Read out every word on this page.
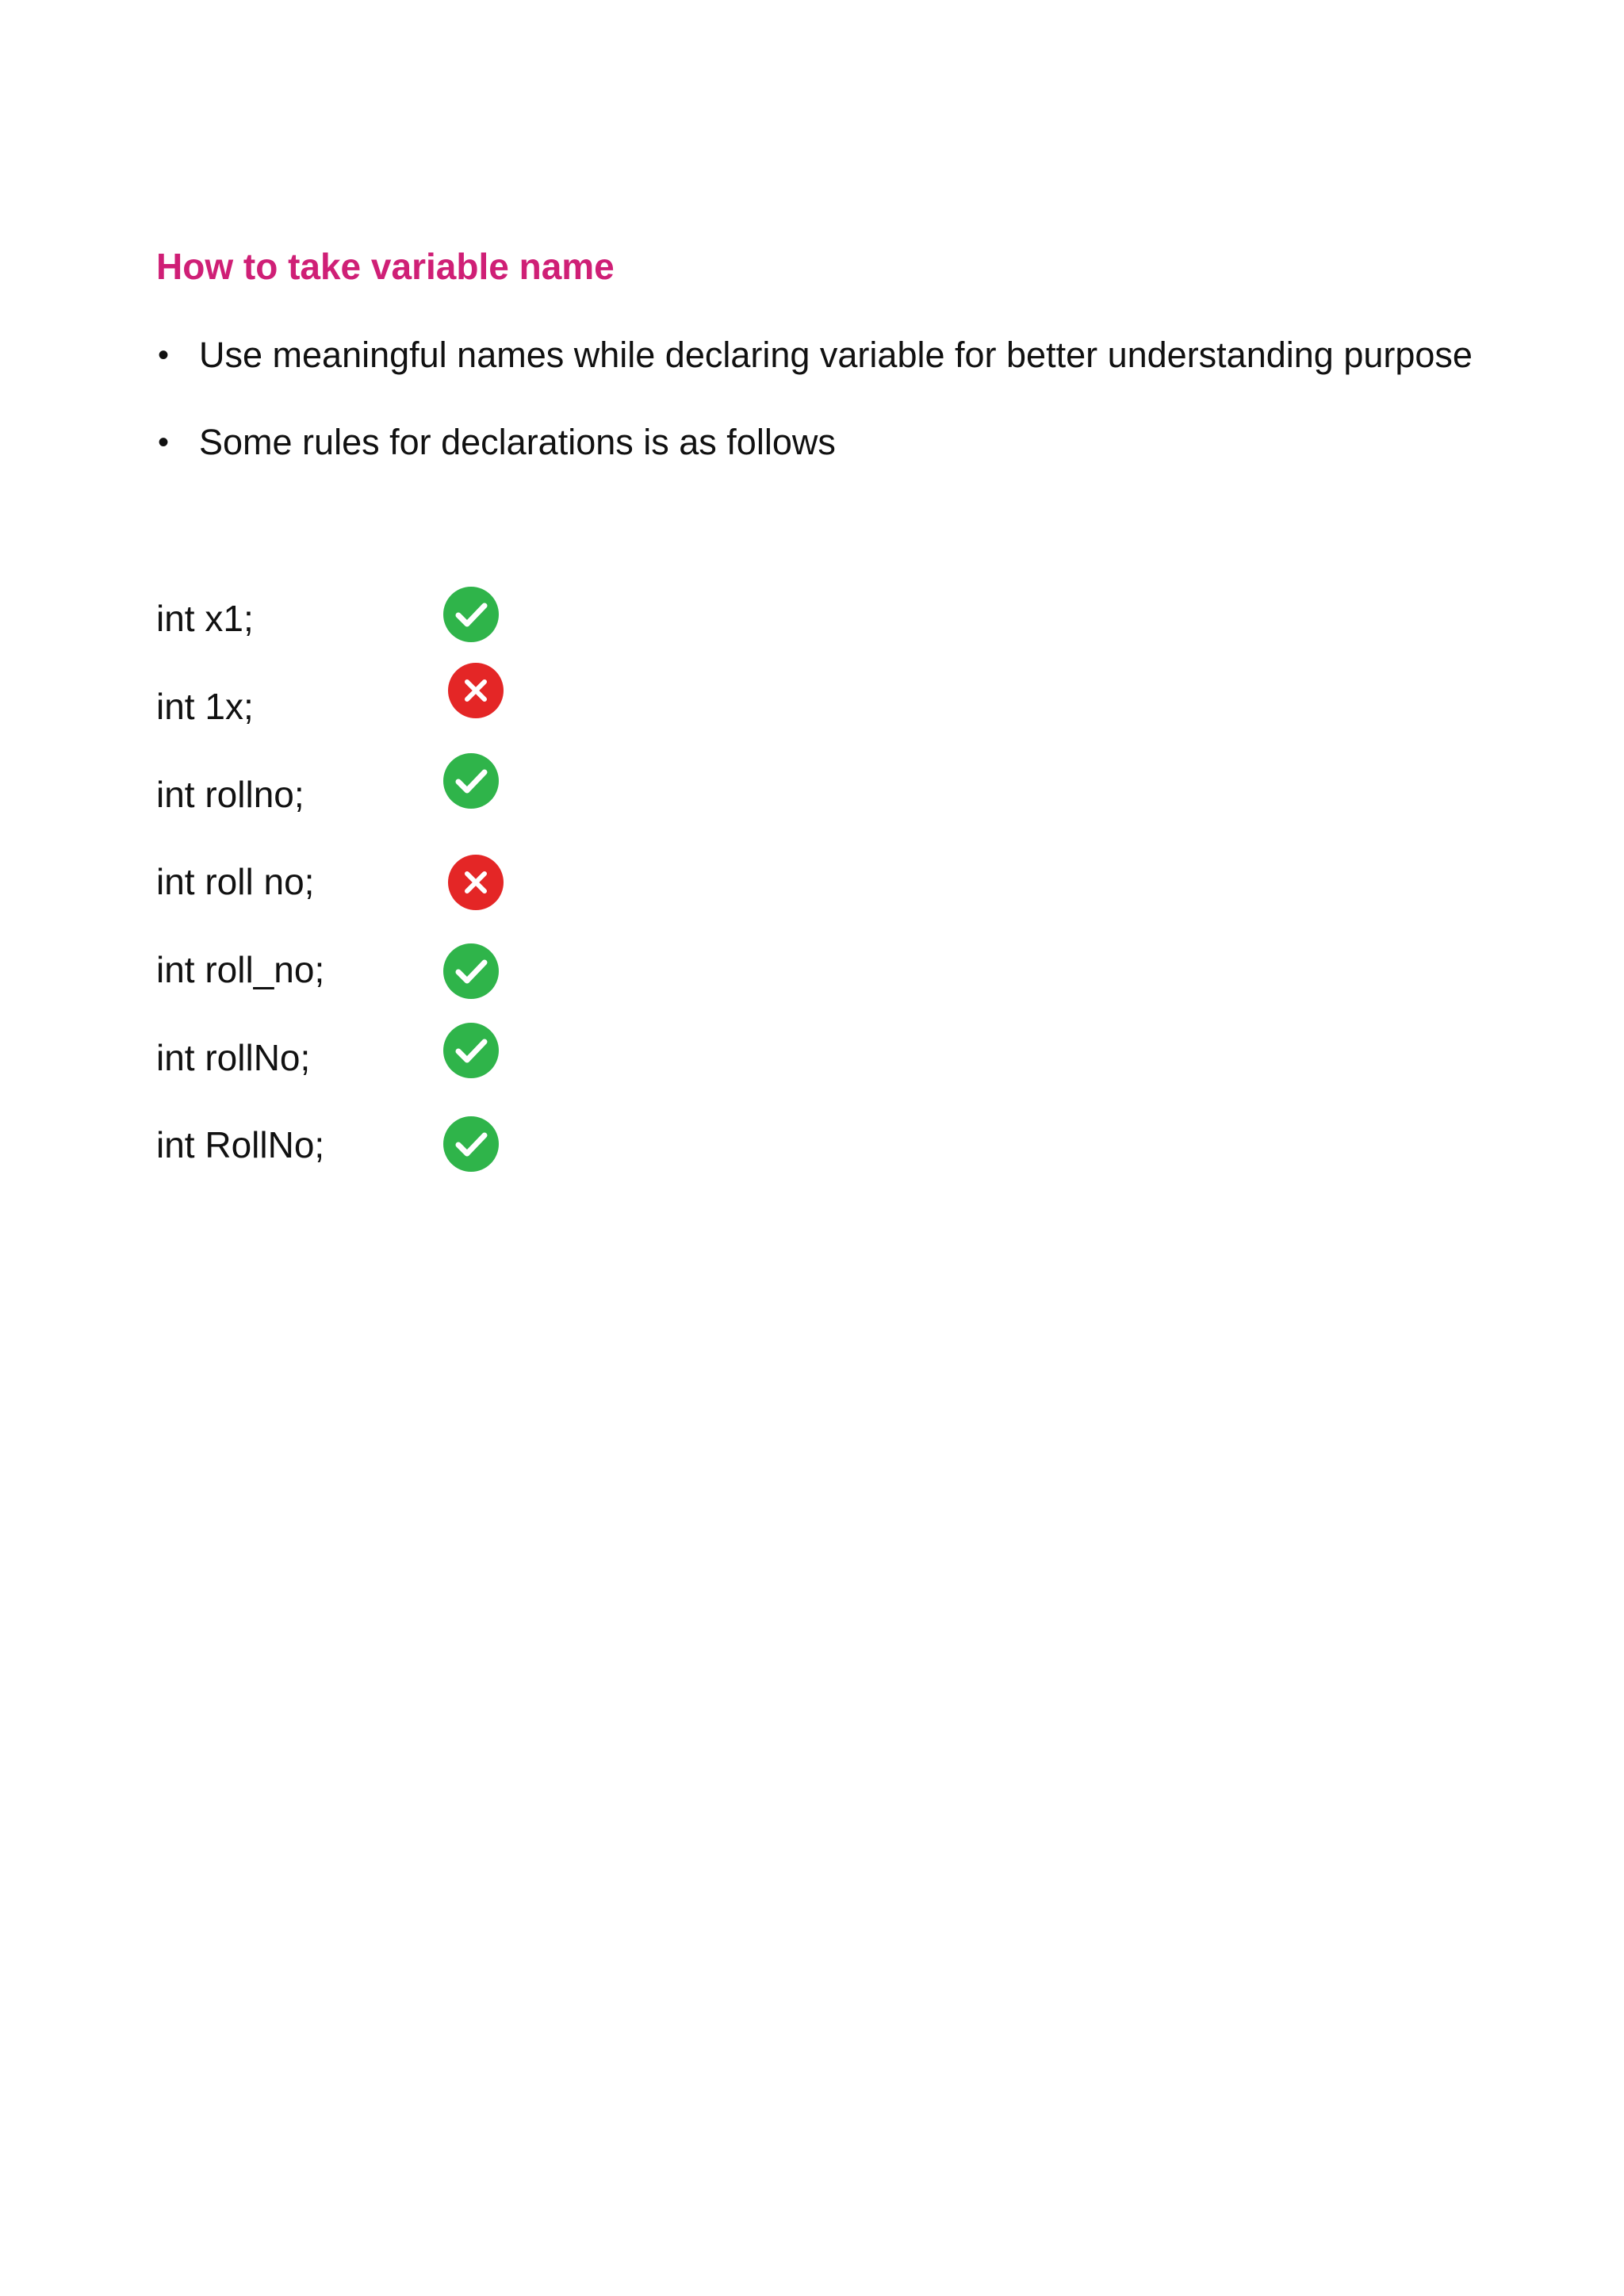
How to take variable name
• Use meaningful names while declaring variable for better understanding purpose
• Some rules for declarations is as follows
int x1;
int 1x;
int rollno;
int roll no;
int roll_no;
int rollNo;
int RollNo;
